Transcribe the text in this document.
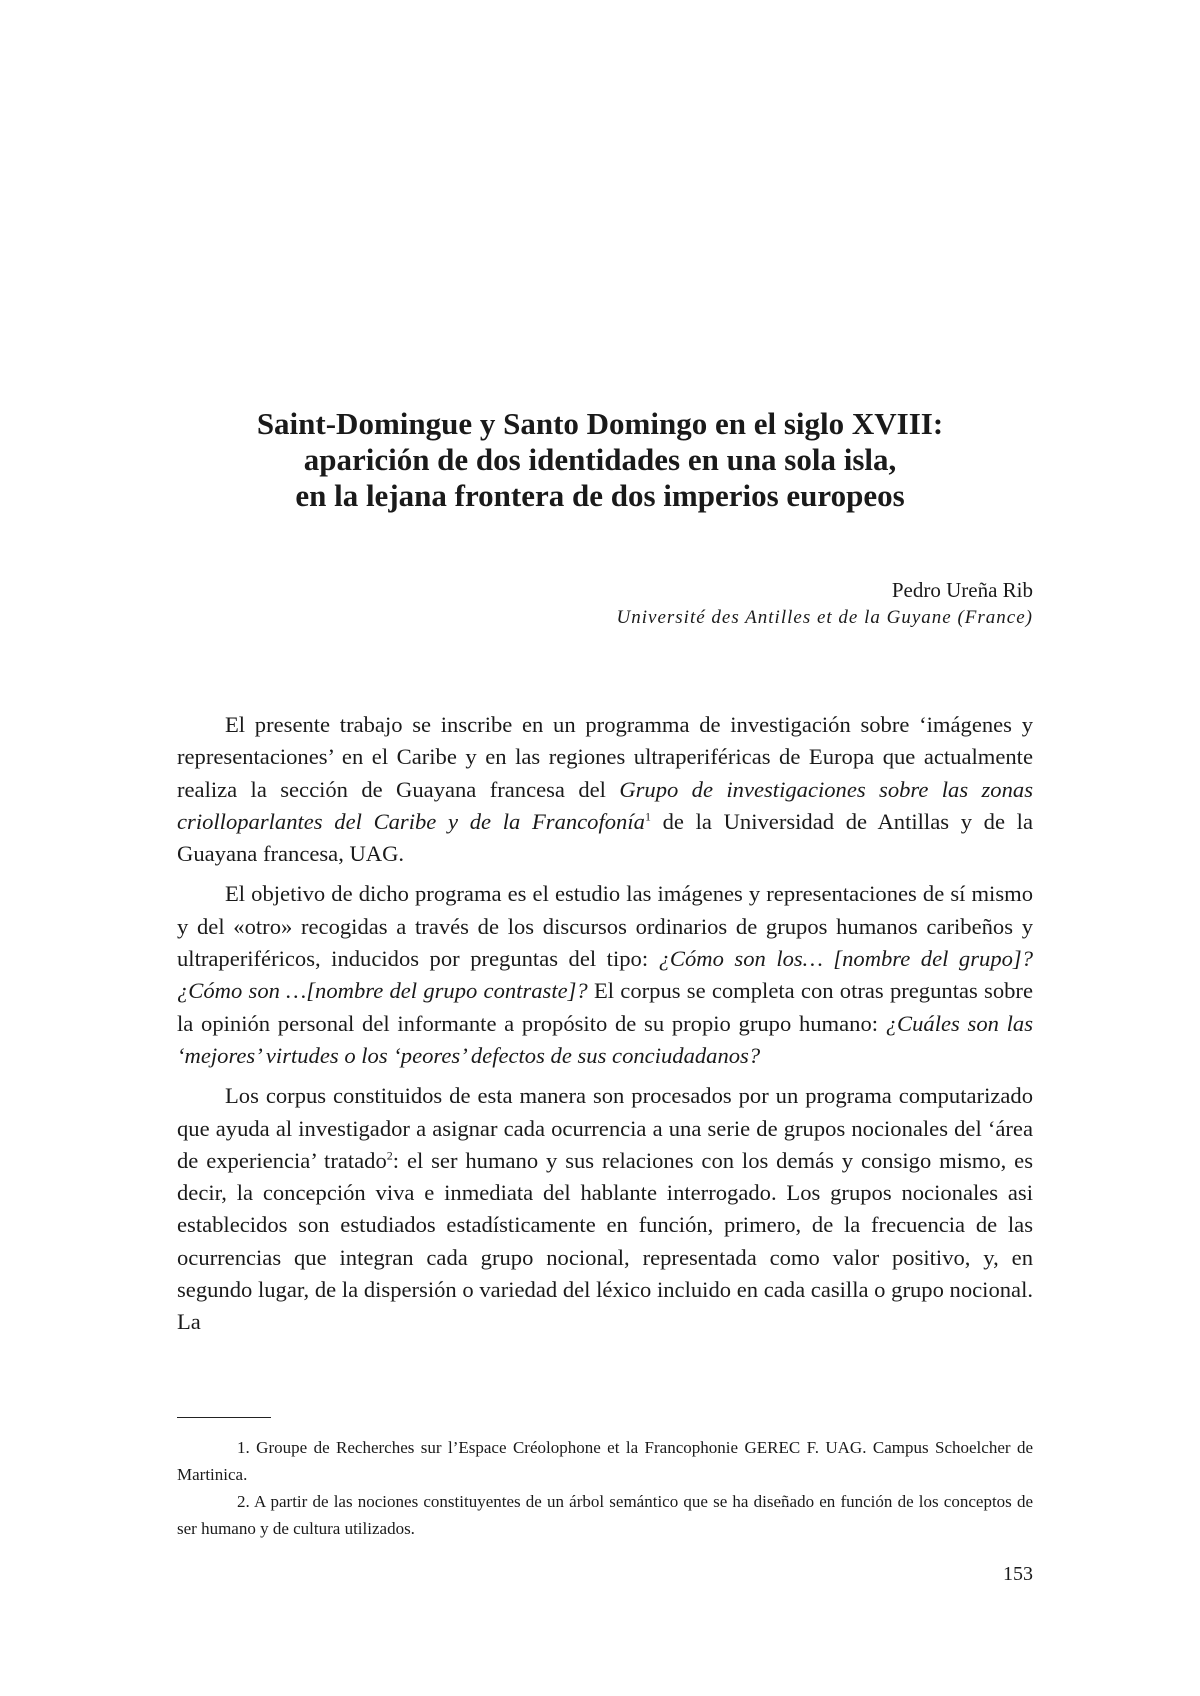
Saint-Domingue y Santo Domingo en el siglo XVIII:
aparición de dos identidades en una sola isla,
en la lejana frontera de dos imperios europeos
Pedro Ureña Rib
Université des Antilles et de la Guyane (France)

El presente trabajo se inscribe en un programma de investigación sobre ‘imágenes y representaciones’ en el Caribe y en las regiones ultraperiféricas de Europa que actualmente realiza la sección de Guayana francesa del Grupo de investigaciones sobre las zonas criolloparlantes del Caribe y de la Francofonía$^1$ de la Universidad de Antillas y de la Guayana francesa, UAG.

El objetivo de dicho programa es el estudio las imágenes y representaciones de sí mismo y del «otro» recogidas a través de los discursos ordinarios de grupos humanos caribeños y ultraperiféricos, inducidos por preguntas del tipo: ¿Cómo son los… [nombre del grupo]? ¿Cómo son …[nombre del grupo contraste]? El corpus se completa con otras preguntas sobre la opinión personal del informante a propósito de su propio grupo humano: ¿Cuáles son las ‘mejores’ virtudes o los ‘peores’ defectos de sus conciudadanos?

Los corpus constituidos de esta manera son procesados por un programa computarizado que ayuda al investigador a asignar cada ocurrencia a una serie de grupos nocionales del ‘área de experiencia’ tratado$^2$: el ser humano y sus relaciones con los demás y consigo mismo, es decir, la concepción viva e inmediata del hablante interrogado. Los grupos nocionales asi establecidos son estudiados estadísticamente en función, primero, de la frecuencia de las ocurrencias que integran cada grupo nocional, representada como valor positivo, y, en segundo lugar, de la dispersión o variedad del léxico incluido en cada casilla o grupo nocional. La

1. Groupe de Recherches sur l’Espace Créolophone et la Francophonie GEREC F. UAG. Campus Schoelcher de Martinica.

2. A partir de las nociones constituyentes de un árbol semántico que se ha diseñado en función de los conceptos de ser humano y de cultura utilizados.

153
